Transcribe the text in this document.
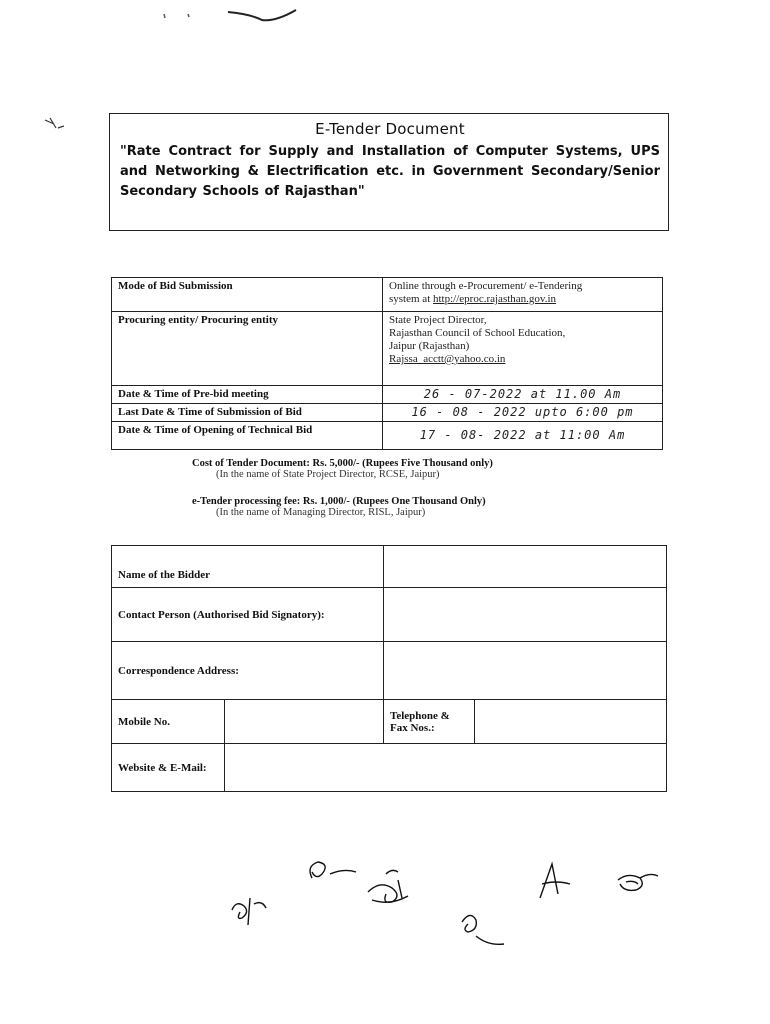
E-Tender Document

"Rate Contract for Supply and Installation of Computer Systems, UPS and Networking & Electrification etc. in Government Secondary/Senior Secondary Schools of Rajasthan"

Mode of Bid Submission	Online through e-Procurement/ e-Tendering
system at http://eproc.rajasthan.gov.in

Procuring entity/ Procuring entity	State Project Director,
Rajasthan Council of School Education,
Jaipur (Rajasthan)
Rajssa_acctt@yahoo.co.in

Date & Time of Pre-bid meeting	26 - 07-2022 at 11.00 Am
Last Date & Time of Submission of Bid	16 - 08 - 2022 upto 6:00 pm
Date & Time of Opening of Technical Bid	17 - 08- 2022 at 11:00 Am
Cost of Tender Document: Rs. 5,000/- (Rupees Five Thousand only)
(In the name of State Project Director, RCSE, Jaipur)
e-Tender processing fee: Rs. 1,000/- (Rupees One Thousand Only)
(In the name of Managing Director, RISL, Jaipur)
Name of the Bidder			
Contact Person (Authorised Bid Signatory):			
Correspondence Address:			
Mobile No.		Telephone & Fax Nos.:	
Website & E-Mail:			
